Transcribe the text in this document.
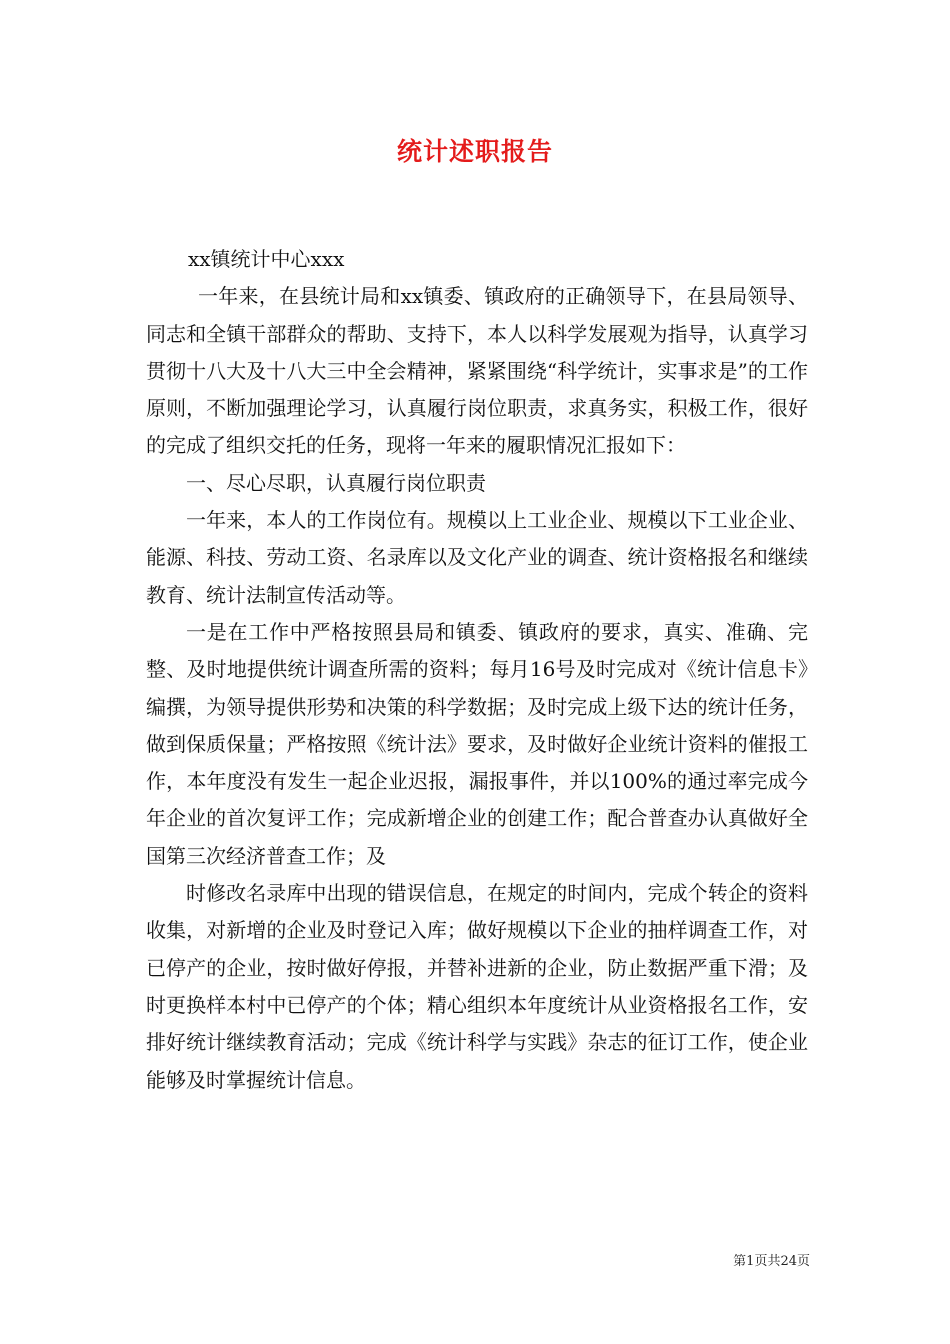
统计述职报告

xx镇统计中心xxx

一年来，在县统计局和xx镇委、镇政府的正确领导下，在县局领导、同志和全镇干部群众的帮助、支持下，本人以科学发展观为指导，认真学习贯彻十八大及十八大三中全会精神，紧紧围绕“科学统计，实事求是”的工作原则，不断加强理论学习，认真履行岗位职责，求真务实，积极工作，很好的完成了组织交托的任务，现将一年来的履职情况汇报如下：

一、尽心尽职，认真履行岗位职责

一年来，本人的工作岗位有。规模以上工业企业、规模以下工业企业、能源、科技、劳动工资、名录库以及文化产业的调查、统计资格报名和继续教育、统计法制宣传活动等。

一是在工作中严格按照县局和镇委、镇政府的要求，真实、准确、完整、及时地提供统计调查所需的资料；每月16号及时完成对《统计信息卡》编撰，为领导提供形势和决策的科学数据；及时完成上级下达的统计任务，做到保质保量；严格按照《统计法》要求，及时做好企业统计资料的催报工作，本年度没有发生一起企业迟报，漏报事件，并以100%的通过率完成今年企业的首次复评工作；完成新增企业的创建工作；配合普查办认真做好全国第三次经济普查工作；及

时修改名录库中出现的错误信息，在规定的时间内，完成个转企的资料收集，对新增的企业及时登记入库；做好规模以下企业的抽样调查工作，对已停产的企业，按时做好停报，并替补进新的企业，防止数据严重下滑；及时更换样本村中已停产的个体；精心组织本年度统计从业资格报名工作，安排好统计继续教育活动；完成《统计科学与实践》杂志的征订工作，使企业能够及时掌握统计信息。

第1页共24页
